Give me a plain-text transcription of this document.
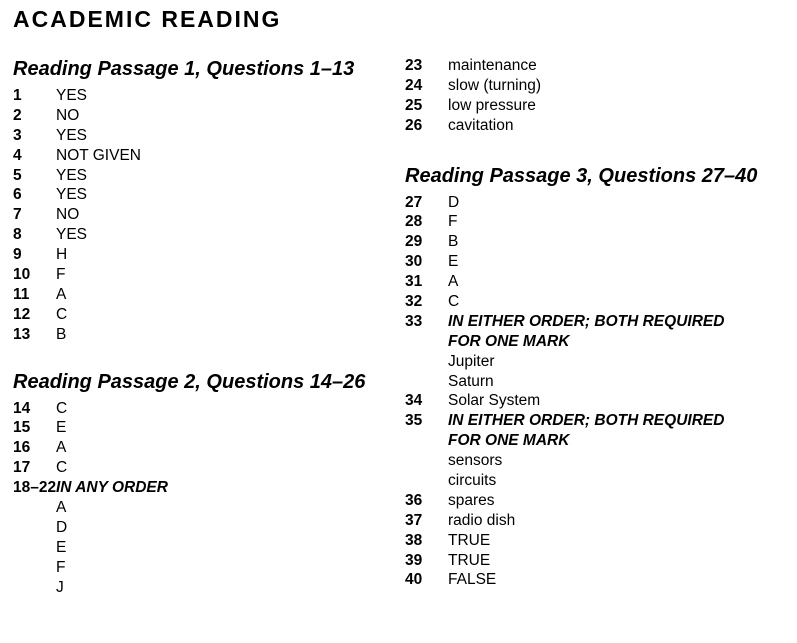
ACADEMIC READING
Reading Passage 1, Questions 1–13
1	YES
2	NO
3	YES
4	NOT GIVEN
5	YES
6	YES
7	NO
8	YES
9	H
10	F
11	A
12	C
13	B
Reading Passage 2, Questions 14–26
14	C
15	E
16	A
17	C
18–22 IN ANY ORDER
A
D
E
F
J
23	maintenance
24	slow (turning)
25	low pressure
26	cavitation
Reading Passage 3, Questions 27–40
27	D
28	F
29	B
30	E
31	A
32	C
33	IN EITHER ORDER; BOTH REQUIRED
FOR ONE MARK
Jupiter
Saturn
34	Solar System
35	IN EITHER ORDER; BOTH REQUIRED
FOR ONE MARK
sensors
circuits
36	spares
37	radio dish
38	TRUE
39	TRUE
40	FALSE
